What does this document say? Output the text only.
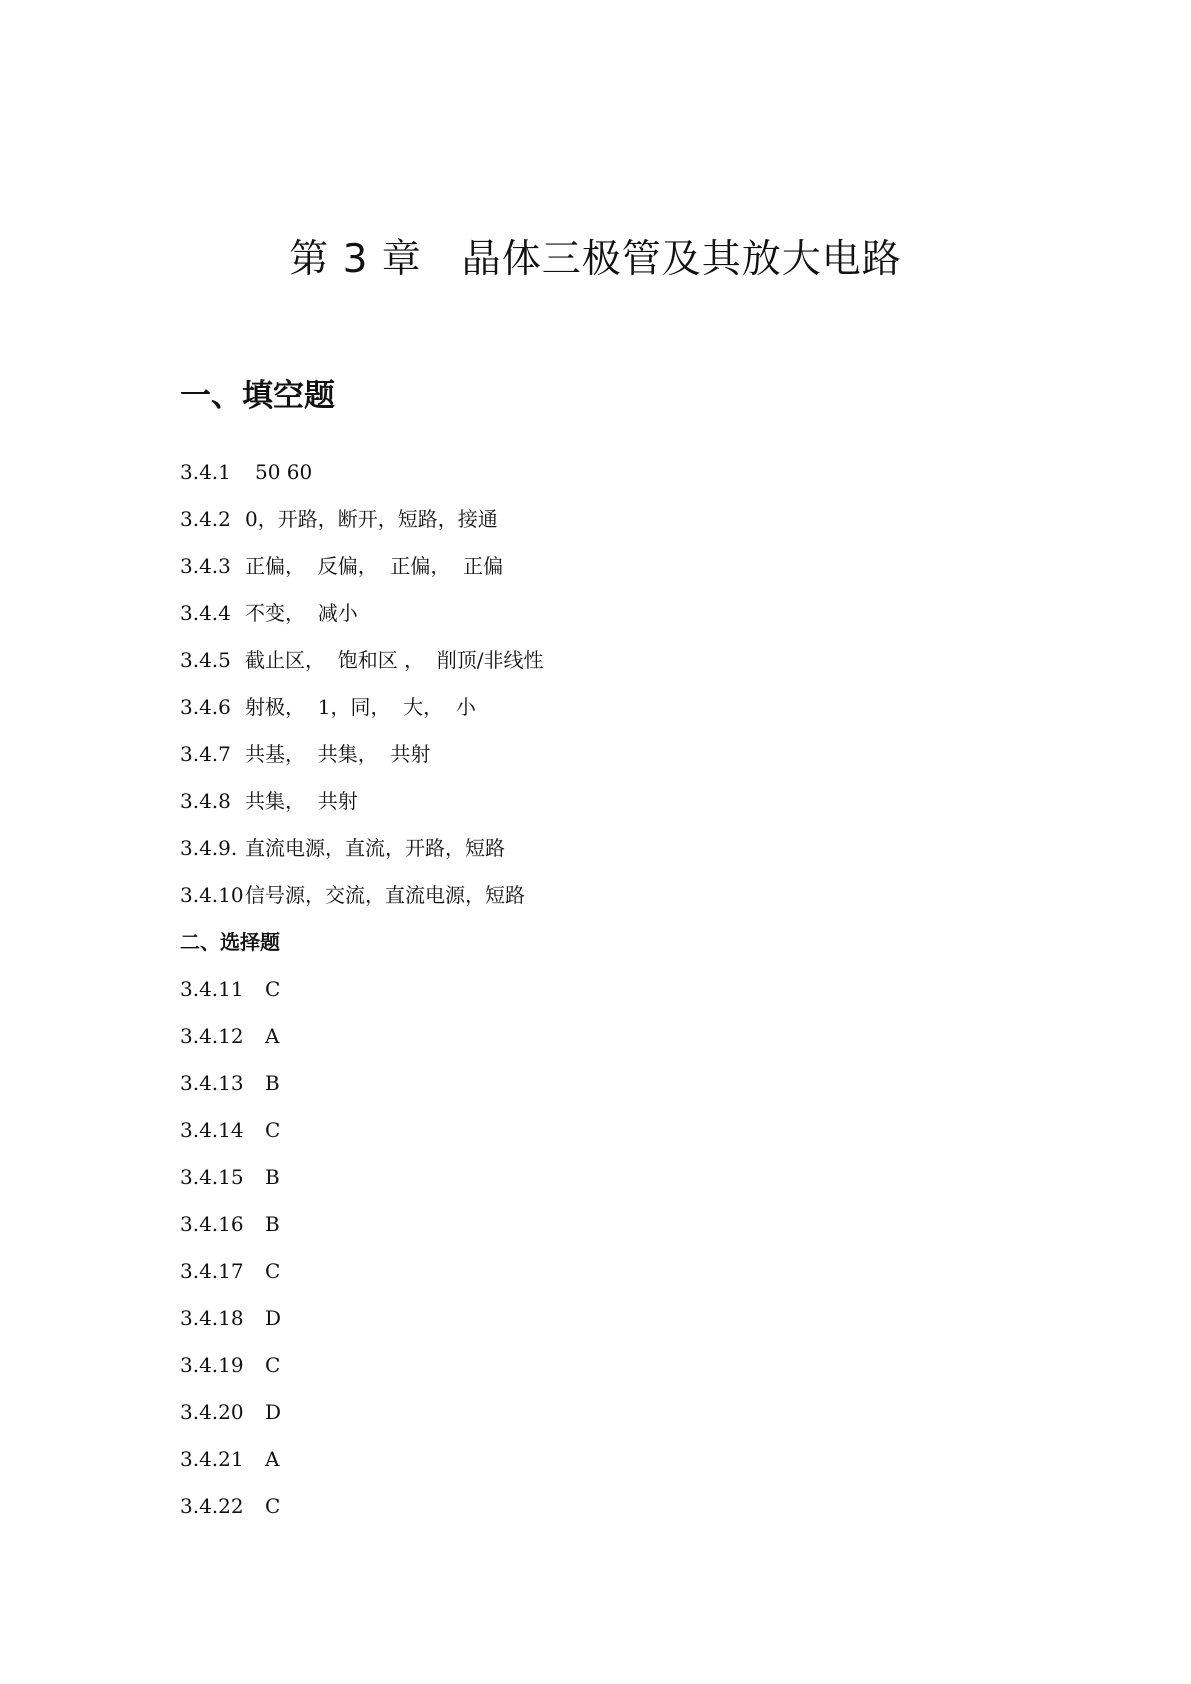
第 3 章　晶体三极管及其放大电路
一、填空题
3.4.1 50 60
3.4.2 0，开路，断开，短路，接通
3.4.3 正偏，  反偏，  正偏，  正偏
3.4.4 不变，  减小
3.4.5 截止区，  饱和区 ，  削顶/非线性
3.4.6 射极，  1，同，  大，  小
3.4.7 共基，  共集，  共射
3.4.8 共集，  共射
3.4.9. 直流电源，直流，开路，短路
3.4.10信号源，交流，直流电源，短路
二、选择题
3.4.11 C
3.4.12 A
3.4.13 B
3.4.14 C
3.4.15 B
3.4.16 B
3.4.17 C
3.4.18 D
3.4.19 C
3.4.20 D
3.4.21 A
3.4.22 C
